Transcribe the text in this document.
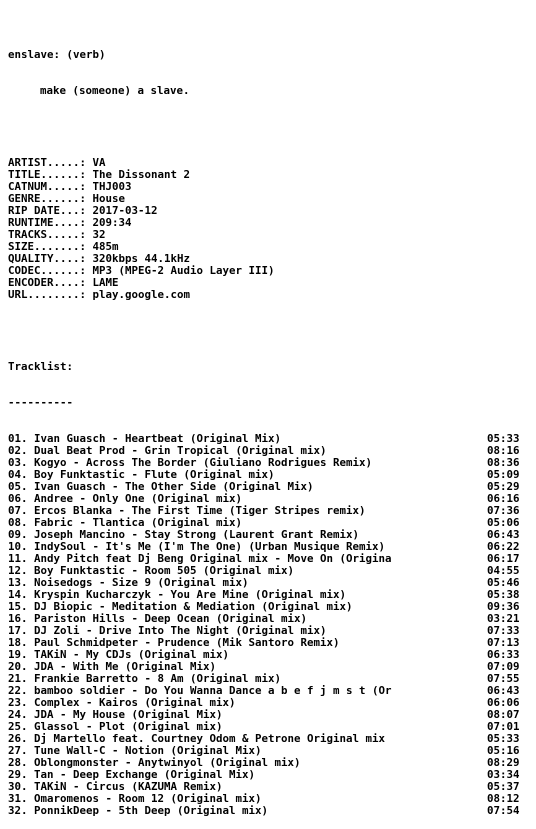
enslave: (verb)

make (someone) a slave.

ARTIST.....: VA
TITLE......: The Dissonant 2
CATNUM.....: THJ003
GENRE......: House
RIP DATE...: 2017-03-12
RUNTIME....: 209:34
TRACKS.....: 32
SIZE.......: 485m
QUALITY....: 320kbps 44.1kHz
CODEC......: MP3 (MPEG-2 Audio Layer III)
ENCODER....: LAME
URL........: play.google.com

Tracklist:

----------

01. Ivan Guasch - Heartbeat (Original Mix)	05:33
02. Dual Beat Prod - Grin Tropical (Original mix)	08:16
03. Kogyo - Across The Border (Giuliano Rodrigues Remix)	08:36
04. Boy Funktastic - Flute (Original mix)	05:09
05. Ivan Guasch - The Other Side (Original Mix)	05:29
06. Andree - Only One (Original mix)	06:16
07. Ercos Blanka - The First Time (Tiger Stripes remix)	07:36
08. Fabric - Tlantica (Original mix)	05:06
09. Joseph Mancino - Stay Strong (Laurent Grant Remix)	06:43
10. IndySoul - It's Me (I'm The One) (Urban Musique Remix)	06:22
11. Andy Pitch feat Dj Beng Original mix - Move On (Origina	06:17
12. Boy Funktastic - Room 505 (Original mix)	04:55
13. Noisedogs - Size 9 (Original mix)	05:46
14. Kryspin Kucharczyk - You Are Mine (Original mix)	05:38
15. DJ Biopic - Meditation & Mediation (Original mix)	09:36
16. Pariston Hills - Deep Ocean (Original mix)	03:21
17. DJ Zoli - Drive Into The Night (Original mix)	07:33
18. Paul Schmidpeter - Prudence (Mik Santoro Remix)	07:13
19. TAKiN - My CDJs (Original mix)	06:33
20. JDA - With Me (Original Mix)	07:09
21. Frankie Barretto - 8 Am (Original mix)	07:55
22. bamboo soldier - Do You Wanna Dance a b e f j m s t (Or	06:43
23. Complex - Kairos (Original mix)	06:06
24. JDA - My House (Original Mix)	08:07
25. Glassol - Plot (Original mix)	07:01
26. Dj Martello feat. Courtney Odom & Petrone Original mix	05:33
27. Tune Wall-C - Notion (Original Mix)	05:16
28. Oblongmonster - Anytwinyol (Original mix)	08:29
29. Tan - Deep Exchange (Original Mix)	03:34
30. TAKiN - Circus (KAZUMA Remix)	05:37
31. Omaromenos - Room 12 (Original mix)	08:12
32. PonnikDeep - 5th Deep (Original mix)	07:54
